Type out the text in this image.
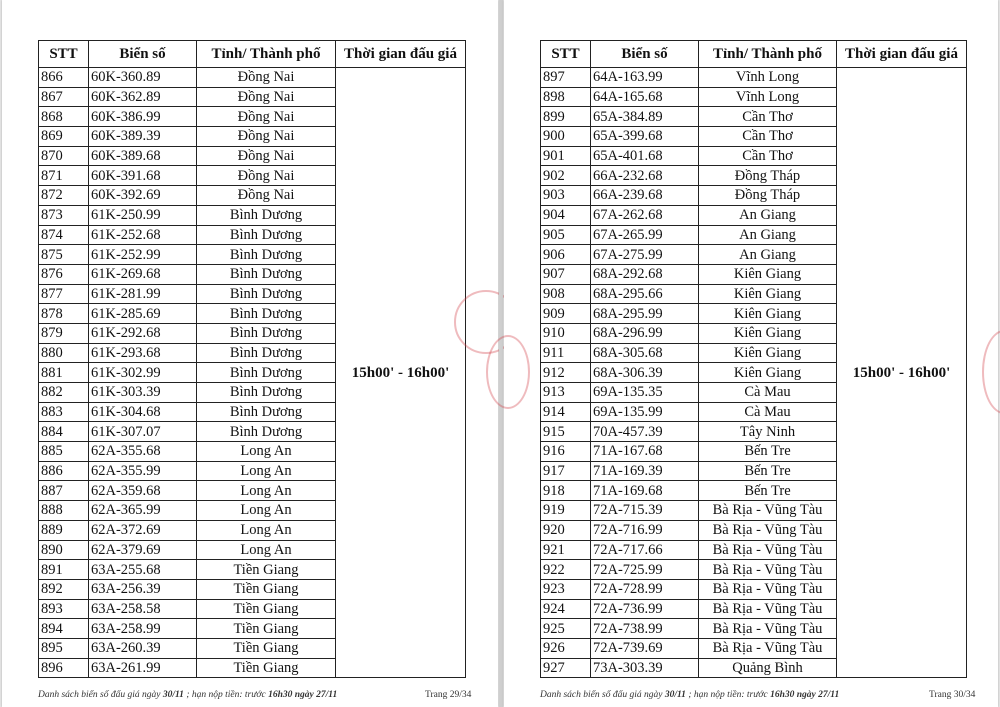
STT	Biển số	Tỉnh/ Thành phố	Thời gian đấu giá
866	60K-360.89	Đồng Nai	15h00' - 16h00'
867	60K-362.89	Đồng Nai	
868	60K-386.99	Đồng Nai	
869	60K-389.39	Đồng Nai	
870	60K-389.68	Đồng Nai	
871	60K-391.68	Đồng Nai	
872	60K-392.69	Đồng Nai	
873	61K-250.99	Bình Dương	
874	61K-252.68	Bình Dương	
875	61K-252.99	Bình Dương	
876	61K-269.68	Bình Dương	
877	61K-281.99	Bình Dương	
878	61K-285.69	Bình Dương	
879	61K-292.68	Bình Dương	
880	61K-293.68	Bình Dương	
881	61K-302.99	Bình Dương	
882	61K-303.39	Bình Dương	
883	61K-304.68	Bình Dương	
884	61K-307.07	Bình Dương	
885	62A-355.68	Long An	
886	62A-355.99	Long An	
887	62A-359.68	Long An	
888	62A-365.99	Long An	
889	62A-372.69	Long An	
890	62A-379.69	Long An	
891	63A-255.68	Tiền Giang	
892	63A-256.39	Tiền Giang	
893	63A-258.58	Tiền Giang	
894	63A-258.99	Tiền Giang	
895	63A-260.39	Tiền Giang	
896	63A-261.99	Tiền Giang	
Danh sách biển số đấu giá ngày 30/11 ; hạn nộp tiền: trước 16h30 ngày 27/11	Trang 29/34
STT	Biển số	Tỉnh/ Thành phố	Thời gian đấu giá
897	64A-163.99	Vĩnh Long	15h00' - 16h00'
898	64A-165.68	Vĩnh Long	
899	65A-384.89	Cần Thơ	
900	65A-399.68	Cần Thơ	
901	65A-401.68	Cần Thơ	
902	66A-232.68	Đồng Tháp	
903	66A-239.68	Đồng Tháp	
904	67A-262.68	An Giang	
905	67A-265.99	An Giang	
906	67A-275.99	An Giang	
907	68A-292.68	Kiên Giang	
908	68A-295.66	Kiên Giang	
909	68A-295.99	Kiên Giang	
910	68A-296.99	Kiên Giang	
911	68A-305.68	Kiên Giang	
912	68A-306.39	Kiên Giang	
913	69A-135.35	Cà Mau	
914	69A-135.99	Cà Mau	
915	70A-457.39	Tây Ninh	
916	71A-167.68	Bến Tre	
917	71A-169.39	Bến Tre	
918	71A-169.68	Bến Tre	
919	72A-715.39	Bà Rịa - Vũng Tàu	
920	72A-716.99	Bà Rịa - Vũng Tàu	
921	72A-717.66	Bà Rịa - Vũng Tàu	
922	72A-725.99	Bà Rịa - Vũng Tàu	
923	72A-728.99	Bà Rịa - Vũng Tàu	
924	72A-736.99	Bà Rịa - Vũng Tàu	
925	72A-738.99	Bà Rịa - Vũng Tàu	
926	72A-739.69	Bà Rịa - Vũng Tàu	
927	73A-303.39	Quảng Bình	
Danh sách biển số đấu giá ngày 30/11 ; hạn nộp tiền: trước 16h30 ngày 27/11	Trang 30/34
